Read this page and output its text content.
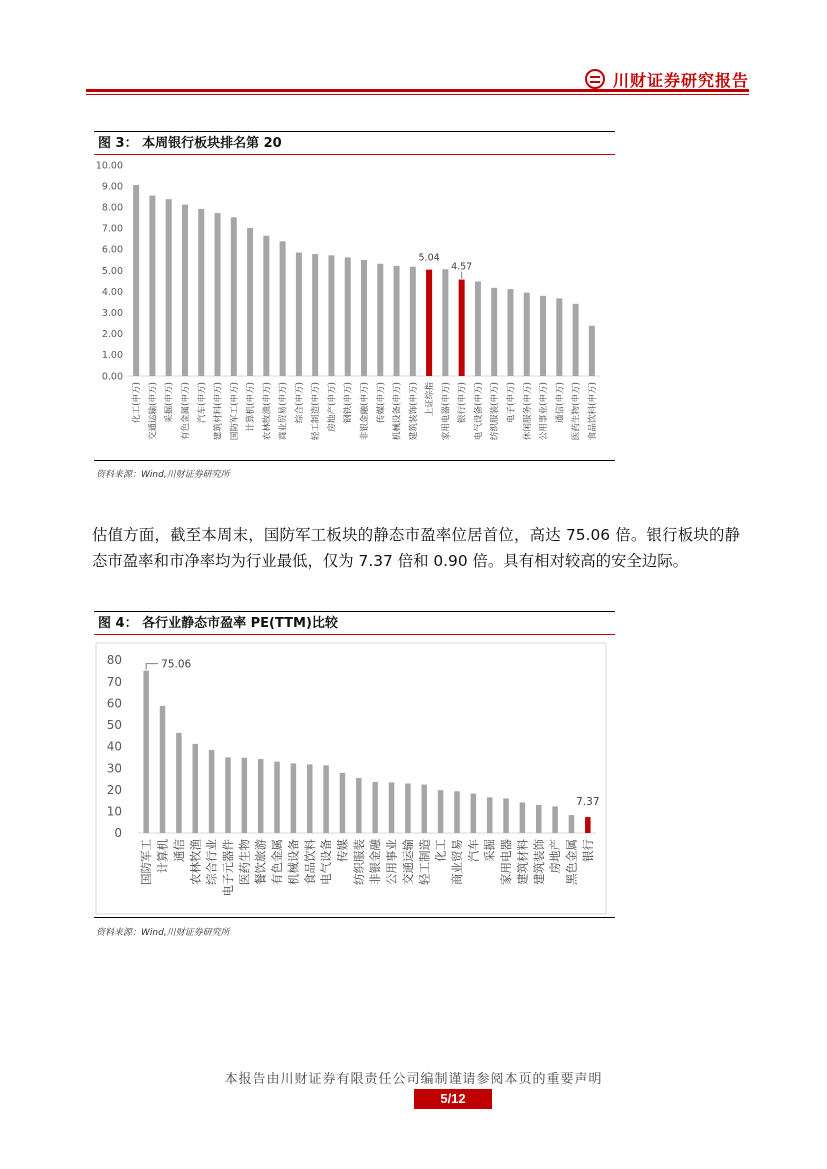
川财证券研究报告
图 3： 本周银行板块排名第 20
0.00
1.00
2.00
3.00
4.00
5.00
6.00
7.00
8.00
9.00
10.00
化工(申万) 交通运输(申万) 采掘(申万) 有色金属(申万) 汽车(申万) 建筑材料(申万) 国防军工(申万) 计算机(申万) 农林牧渔(申万) 商业贸易(申万) 综合(申万) 轻工制造(申万) 房地产(申万) 钢铁(申万) 非银金融(申万) 传媒(申万) 机械设备(申万) 建筑装饰(申万) 上证综指
5.04
家用电器(申万) 银行(申万)
4.57
电气设备(申万) 纺织服装(申万) 电子(申万) 休闲服务(申万) 公用事业(申万) 通信(申万) 医药生物(申万) 食品饮料(申万)
资料来源：Wind,川财证券研究所

估值方面，截至本周末，国防军工板块的静态市盈率位居首位，高达 75.06 倍。银行板块的静态市盈率和市净率均为行业最低，仅为 7.37 倍和 0.90 倍。具有相对较高的安全边际。

图 4： 各行业静态市盈率 PE(TTM)比较
0
10
20
30
40
50
60
70
80
国防军工
75.06
计算机 通信 农林牧渔 综合行业 电子元器件 医药生物 餐饮旅游 有色金属 机械设备 食品饮料 电气设备 传媒 纺织服装 非银金融 公用事业 交通运输 轻工制造 化工 商业贸易 汽车 采掘 家用电器 建筑材料 建筑装饰 房地产 黑色金属 银行
7.37
资料来源：Wind,川财证券研究所
本报告由川财证券有限责任公司编制谨请参阅本页的重要声明
5/12
